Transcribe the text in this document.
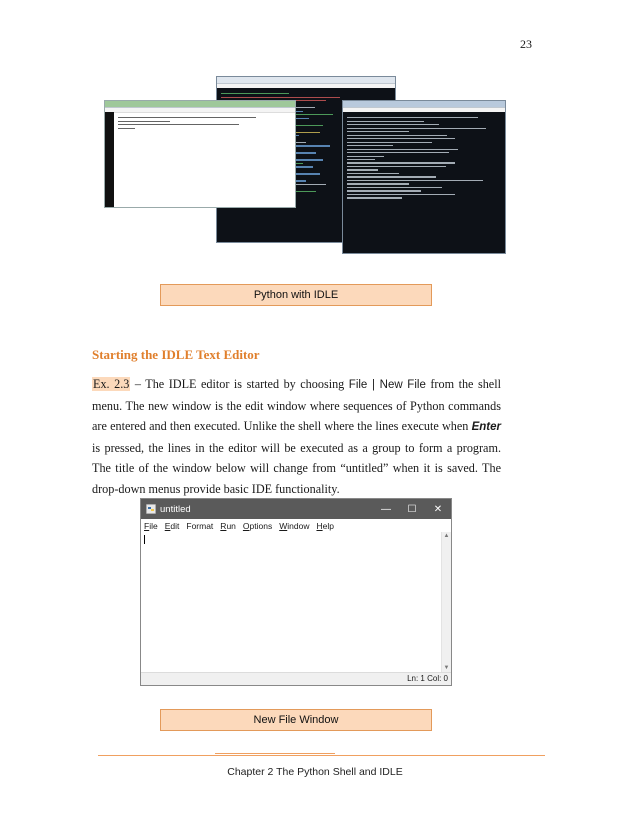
23
Python with IDLE
Starting the IDLE Text Editor
Ex. 2.3 – The IDLE editor is started by choosing File | New File from the shell menu. The new window is the edit window where sequences of Python commands are entered and then executed. Unlike the shell where the lines execute when Enter is pressed, the lines in the editor will be executed as a group to form a program. The title of the window below will change from “untitled” when it is saved. The drop-down menus provide basic IDE functionality.
untitled	—	☐	✕
File Edit Format Run Options Window Help
▲
▼
Ln: 1 Col: 0
New File Window
Chapter 2 The Python Shell and IDLE
